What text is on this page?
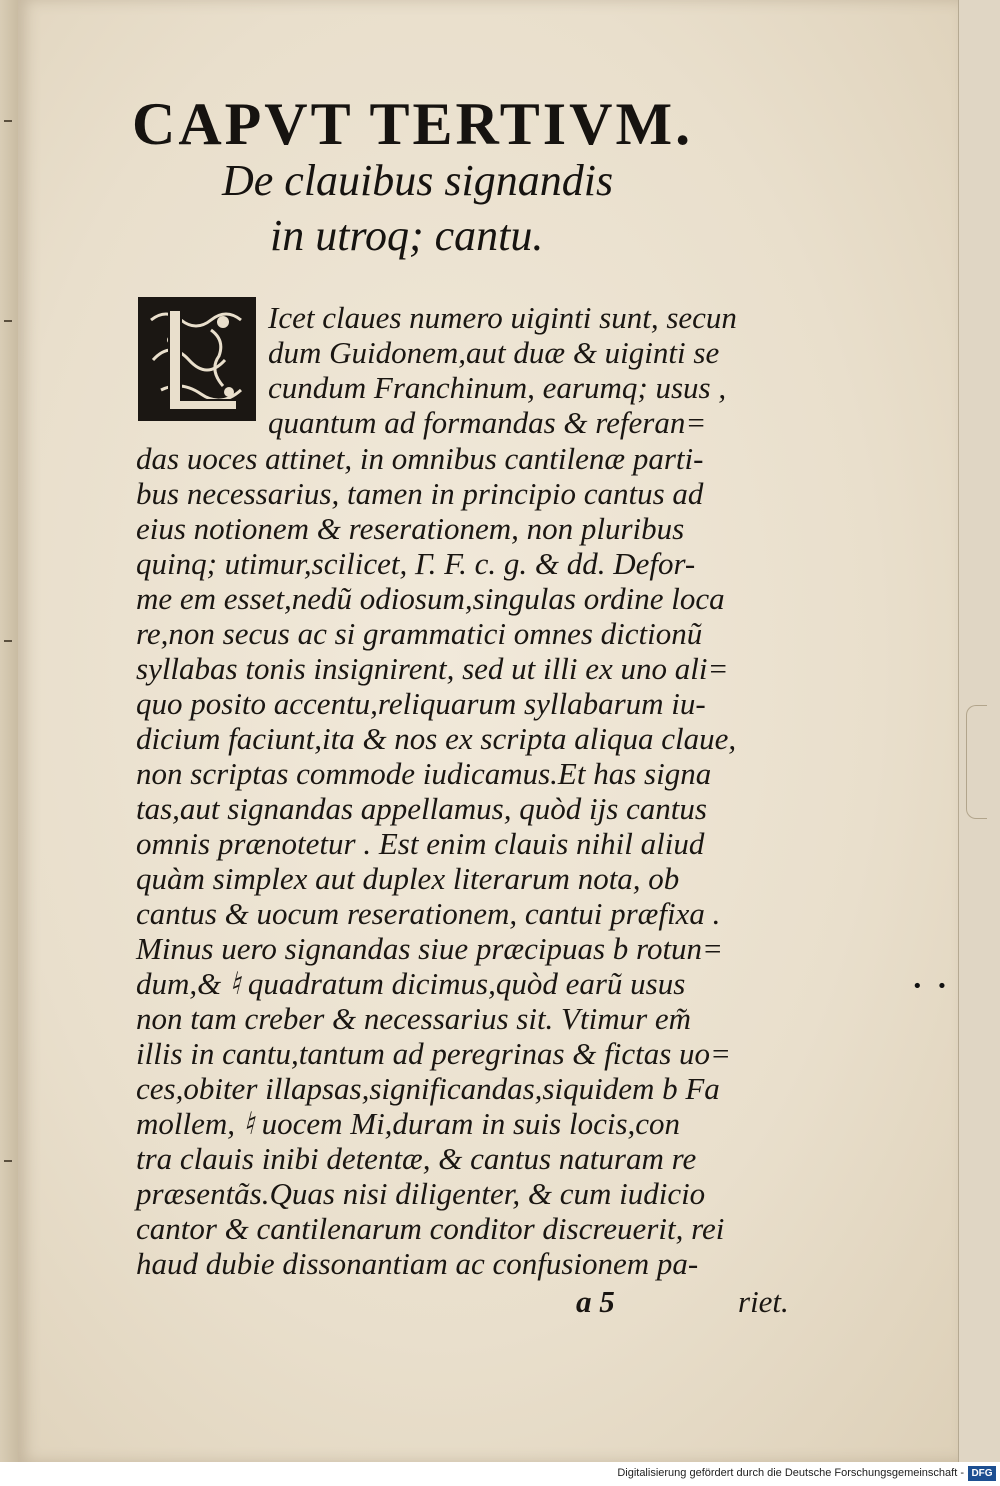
••
CAPVT TERTIVM.
De clauibus signandis
in utroq; cantu.
Icet claues numero uiginti sunt, secun
dum Guidonem,aut duæ & uiginti se
cundum Franchinum, earumq; usus ,
quantum ad formandas & referan=
das uoces attinet, in omnibus cantilenæ parti-
bus necessarius, tamen in principio cantus ad
eius notionem & reserationem, non pluribus
quinq; utimur,scilicet, Γ. F. c. g. & dd. Defor-
me em esset,nedũ odiosum,singulas ordine loca
re,non secus ac si grammatici omnes dictionũ
syllabas tonis insignirent, sed ut illi ex uno ali=
quo posito accentu,reliquarum syllabarum iu-
dicium faciunt,ita & nos ex scripta aliqua claue,
non scriptas commode iudicamus.Et has signa
tas,aut signandas appellamus, quòd ijs cantus
omnis prænotetur . Est enim clauis nihil aliud
quàm simplex aut duplex literarum nota, ob
cantus & uocum reserationem, cantui præfixa .
Minus uero signandas siue præcipuas b rotun=
dum,& ♮ quadratum dicimus,quòd earũ usus
non tam creber & necessarius sit. Vtimur em̃
illis in cantu,tantum ad peregrinas & fictas uo=
ces,obiter illapsas,significandas,siquidem b Fa
mollem, ♮ uocem Mi,duram in suis locis,con
tra clauis inibi detentæ, & cantus naturam re
præsentãs.Quas nisi diligenter, & cum iudicio
cantor & cantilenarum conditor discreuerit, rei
haud dubie dissonantiam ac confusionem pa-
a 5	riet.
Digitalisierung gefördert durch die Deutsche Forschungsgemeinschaft - DFG
